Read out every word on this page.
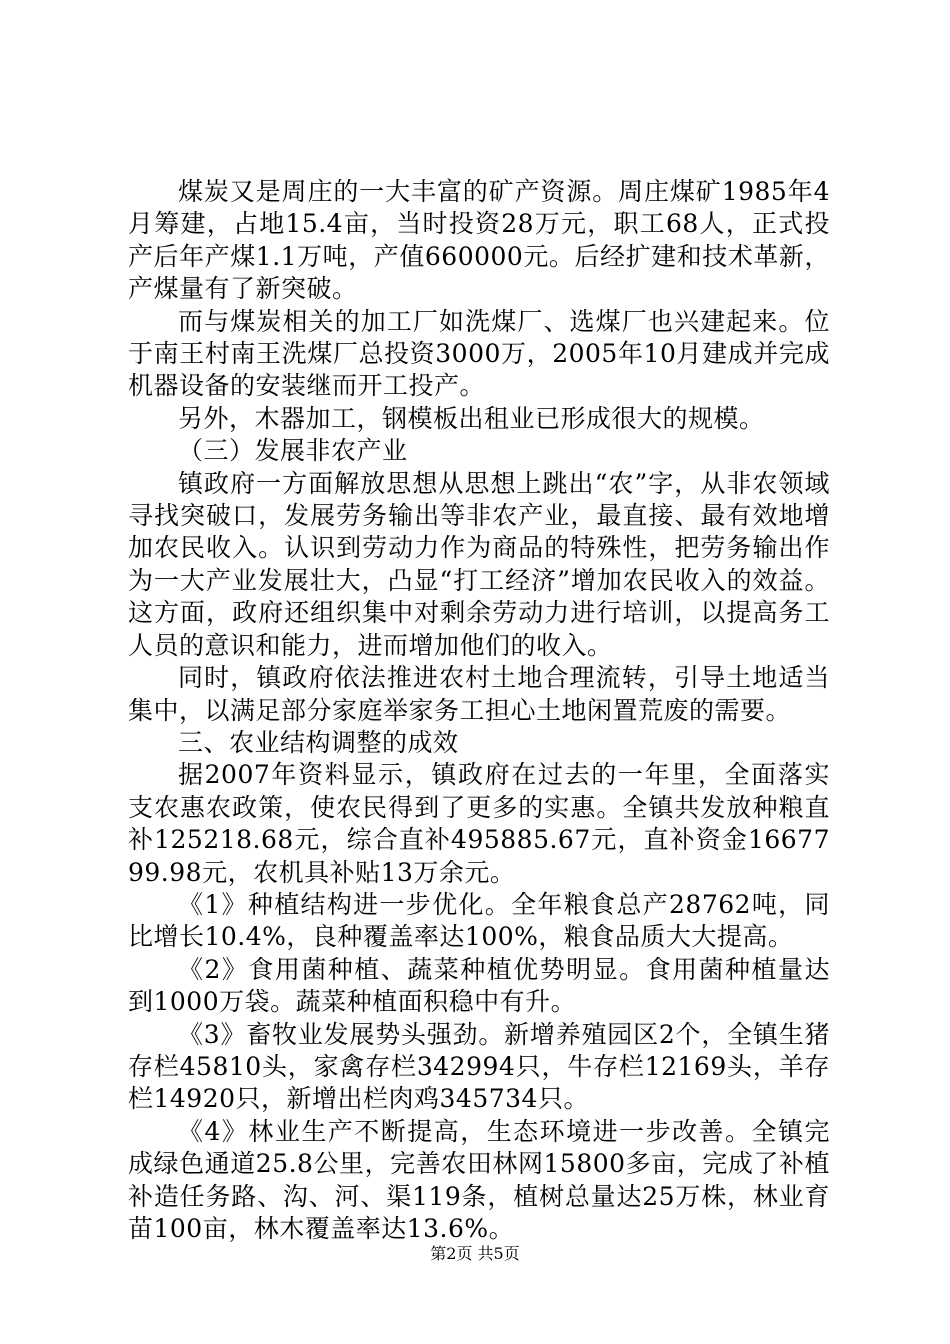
煤炭又是周庄的一大丰富的矿产资源。周庄煤矿1985年4月筹建，占地15.4亩，当时投资28万元，职工68人，正式投产后年产煤1.1万吨，产值660000元。后经扩建和技术革新，产煤量有了新突破。

而与煤炭相关的加工厂如洗煤厂、选煤厂也兴建起来。位于南王村南王洗煤厂总投资3000万，2005年10月建成并完成机器设备的安装继而开工投产。

另外，木器加工，钢模板出租业已形成很大的规模。

（三）发展非农产业

镇政府一方面解放思想从思想上跳出“农”字，从非农领域寻找突破口，发展劳务输出等非农产业，最直接、最有效地增加农民收入。认识到劳动力作为商品的特殊性，把劳务输出作为一大产业发展壮大，凸显“打工经济”增加农民收入的效益。这方面，政府还组织集中对剩余劳动力进行培训，以提高务工人员的意识和能力，进而增加他们的收入。

同时，镇政府依法推进农村土地合理流转，引导土地适当集中，以满足部分家庭举家务工担心土地闲置荒废的需要。

三、农业结构调整的成效

据2007年资料显示，镇政府在过去的一年里，全面落实支农惠农政策，使农民得到了更多的实惠。全镇共发放种粮直补125218.68元，综合直补495885.67元，直补资金1667799.98元，农机具补贴13万余元。

《1》种植结构进一步优化。全年粮食总产28762吨，同比增长10.4%，良种覆盖率达100%，粮食品质大大提高。

《2》食用菌种植、蔬菜种植优势明显。食用菌种植量达到1000万袋。蔬菜种植面积稳中有升。

《3》畜牧业发展势头强劲。新增养殖园区2个，全镇生猪存栏45810头，家禽存栏342994只，牛存栏12169头，羊存栏14920只，新增出栏肉鸡345734只。

《4》林业生产不断提高，生态环境进一步改善。全镇完成绿色通道25.8公里，完善农田林网15800多亩，完成了补植补造任务路、沟、河、渠119条，植树总量达25万株，林业育苗100亩，林木覆盖率达13.6%。

第2页 共5页
